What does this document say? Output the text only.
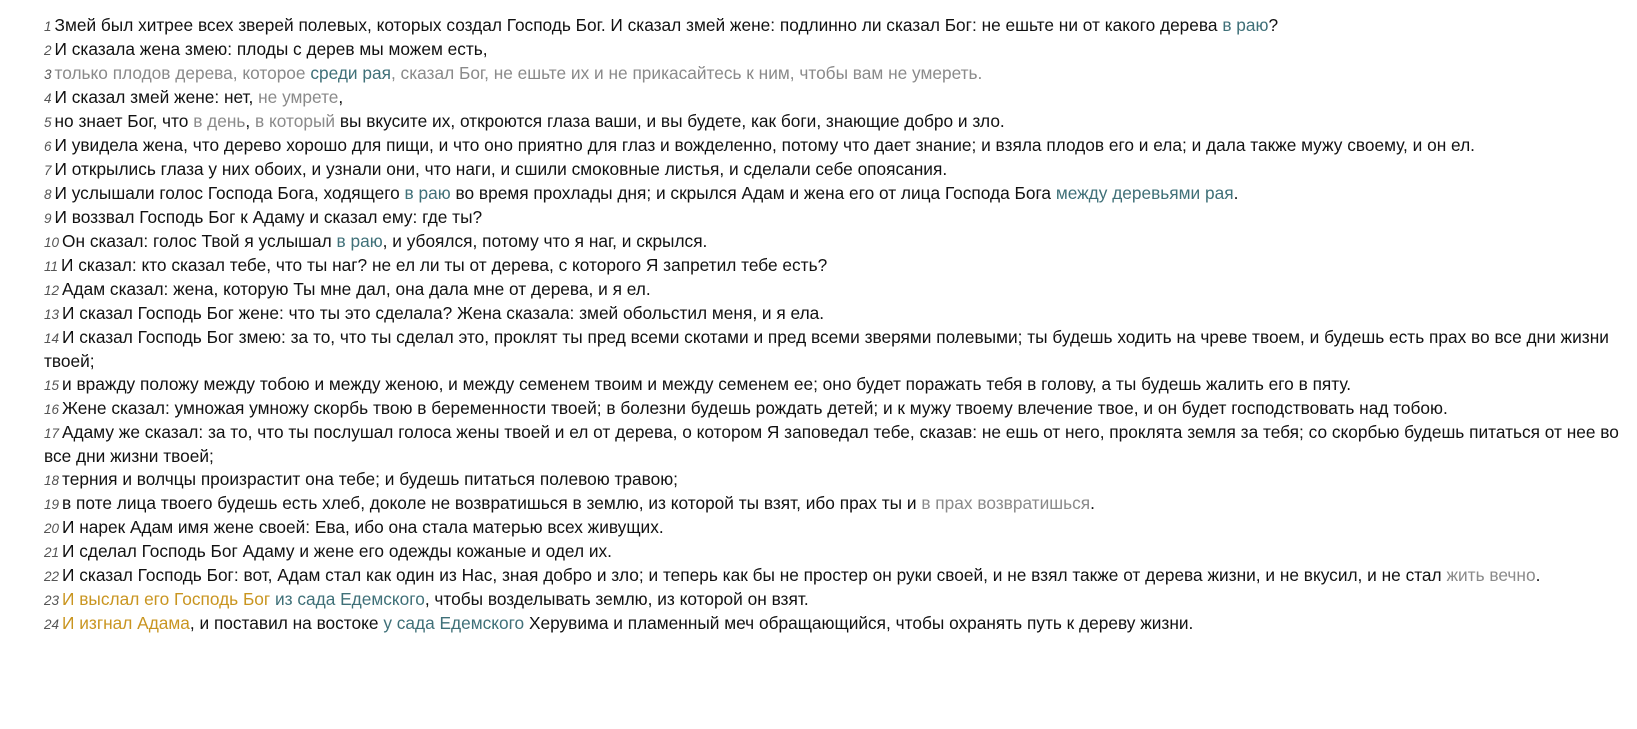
1 Змей был хитрее всех зверей полевых, которых создал Господь Бог. И сказал змей жене: подлинно ли сказал Бог: не ешьте ни от какого дерева в раю?

2 И сказала жена змею: плоды с дерев мы можем есть,

3 только плодов дерева, которое среди рая, сказал Бог, не ешьте их и не прикасайтесь к ним, чтобы вам не умереть.

4 И сказал змей жене: нет, не умрете,

5 но знает Бог, что в день, в который вы вкусите их, откроются глаза ваши, и вы будете, как боги, знающие добро и зло.

6 И увидела жена, что дерево хорошо для пищи, и что оно приятно для глаз и вожделенно, потому что дает знание; и взяла плодов его и ела; и дала также мужу своему, и он ел.

7 И открылись глаза у них обоих, и узнали они, что наги, и сшили смоковные листья, и сделали себе опоясания.

8 И услышали голос Господа Бога, ходящего в раю во время прохлады дня; и скрылся Адам и жена его от лица Господа Бога между деревьями рая.

9 И воззвал Господь Бог к Адаму и сказал ему: где ты?

10 Он сказал: голос Твой я услышал в раю, и убоялся, потому что я наг, и скрылся.

11 И сказал: кто сказал тебе, что ты наг? не ел ли ты от дерева, с которого Я запретил тебе есть?

12 Адам сказал: жена, которую Ты мне дал, она дала мне от дерева, и я ел.

13 И сказал Господь Бог жене: что ты это сделала? Жена сказала: змей обольстил меня, и я ела.

14 И сказал Господь Бог змею: за то, что ты сделал это, проклят ты пред всеми скотами и пред всеми зверями полевыми; ты будешь ходить на чреве твоем, и будешь есть прах во все дни жизни твоей;

15 и вражду положу между тобою и между женою, и между семенем твоим и между семенем ее; оно будет поражать тебя в голову, а ты будешь жалить его в пяту.

16 Жене сказал: умножая умножу скорбь твою в беременности твоей; в болезни будешь рождать детей; и к мужу твоему влечение твое, и он будет господствовать над тобою.

17 Адаму же сказал: за то, что ты послушал голоса жены твоей и ел от дерева, о котором Я заповедал тебе, сказав: не ешь от него, проклята земля за тебя; со скорбью будешь питаться от нее во все дни жизни твоей;

18 терния и волчцы произрастит она тебе; и будешь питаться полевою травою;

19 в поте лица твоего будешь есть хлеб, доколе не возвратишься в землю, из которой ты взят, ибо прах ты и в прах возвратишься.

20 И нарек Адам имя жене своей: Ева, ибо она стала матерью всех живущих.

21 И сделал Господь Бог Адаму и жене его одежды кожаные и одел их.

22 И сказал Господь Бог: вот, Адам стал как один из Нас, зная добро и зло; и теперь как бы не простер он руки своей, и не взял также от дерева жизни, и не вкусил, и не стал жить вечно.

23 И выслал его Господь Бог из сада Едемского, чтобы возделывать землю, из которой он взят.

24 И изгнал Адама, и поставил на востоке у сада Едемского Херувима и пламенный меч обращающийся, чтобы охранять путь к дереву жизни.
